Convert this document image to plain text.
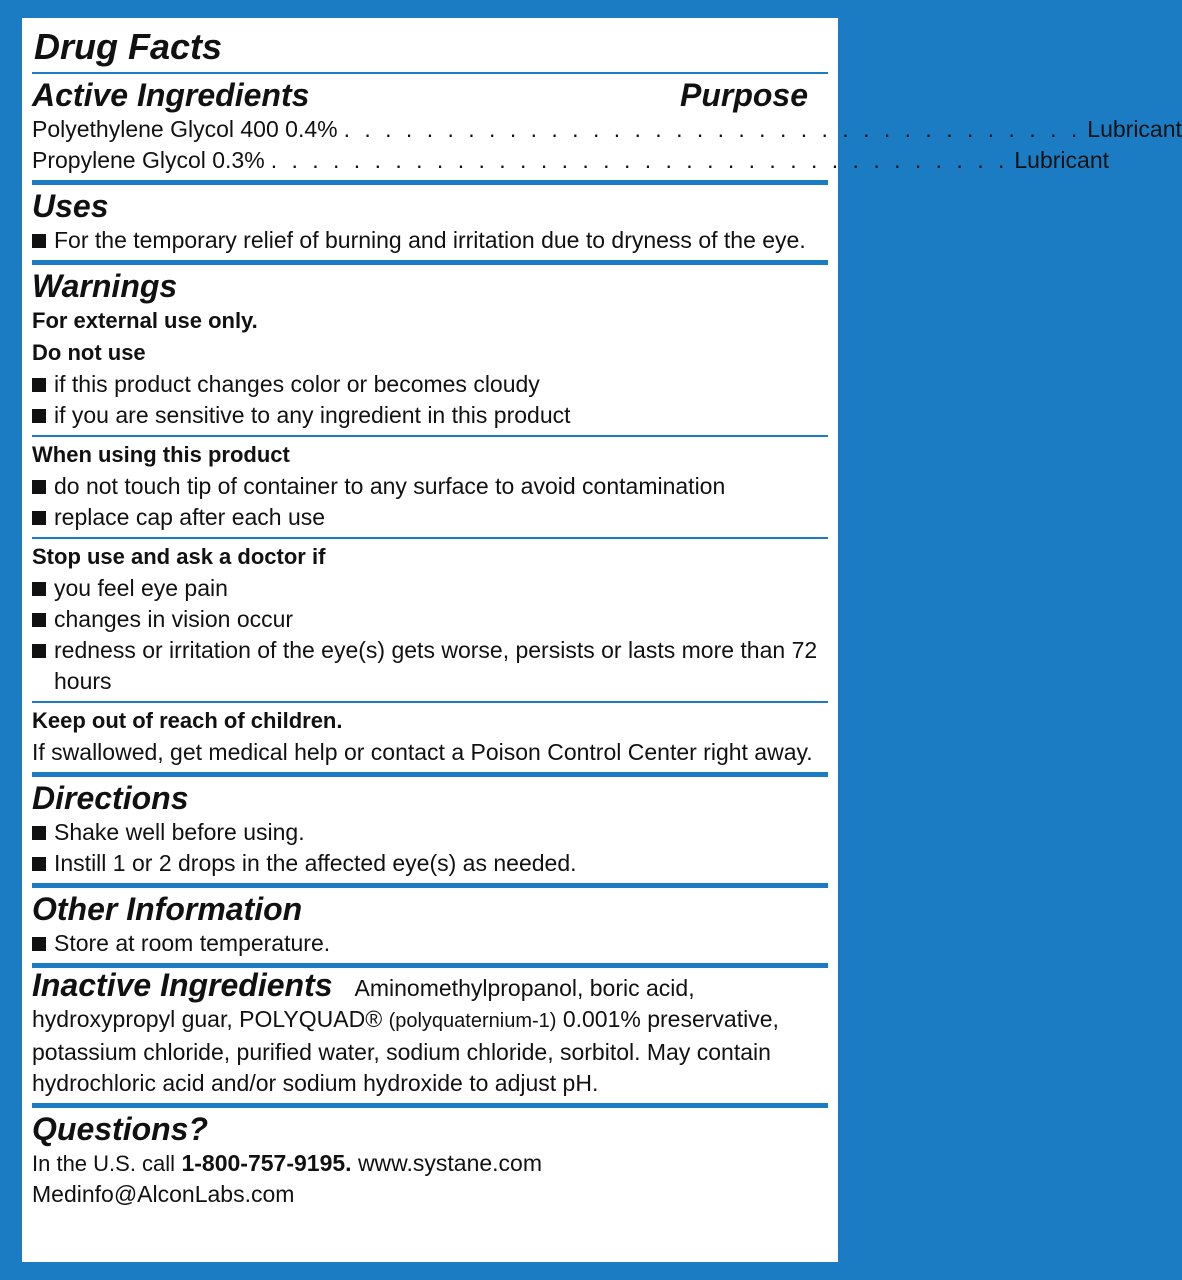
Drug Facts
Active Ingredients	Purpose
Polyethylene Glycol 400 0.4% . . . . . . . . . . . . . . . . . . . . . . . . . . . . . . . . . . . . Lubricant
Propylene Glycol 0.3% . . . . . . . . . . . . . . . . . . . . . . . . . . . . . . . . . . . . Lubricant
Uses
For the temporary relief of burning and irritation due to dryness of the eye.
Warnings
For external use only.
Do not use
if this product changes color or becomes cloudy
if you are sensitive to any ingredient in this product
When using this product
do not touch tip of container to any surface to avoid contamination
replace cap after each use
Stop use and ask a doctor if
you feel eye pain
changes in vision occur
redness or irritation of the eye(s) gets worse, persists or lasts more than 72 hours
Keep out of reach of children.
If swallowed, get medical help or contact a Poison Control Center right away.
Directions
Shake well before using.
Instill 1 or 2 drops in the affected eye(s) as needed.
Other Information
Store at room temperature.
Inactive Ingredients Aminomethylpropanol, boric acid, hydroxypropyl guar, POLYQUAD® (polyquaternium-1) 0.001% preservative, potassium chloride, purified water, sodium chloride, sorbitol. May contain hydrochloric acid and/or sodium hydroxide to adjust pH.
Questions?
In the U.S. call 1-800-757-9195. www.systane.com
Medinfo@AlconLabs.com
